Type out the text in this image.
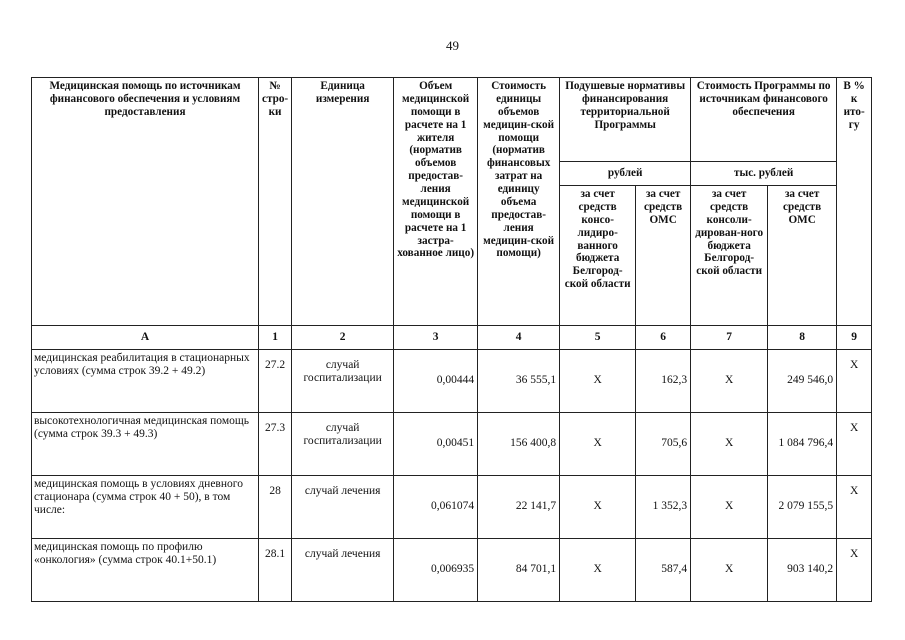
49
Медицинская помощь по источникам финансового обеспечения и условиям предоставления	№ стро-ки	Единица измерения	Объем медицинской помощи в расчете на 1 жителя (норматив объемов предостав-ления медицинской помощи в расчете на 1 застра-хованное лицо)	Стоимость единицы объемов медицин-ской помощи (норматив финансовых затрат на единицу объема предостав-ления медицин-ской помощи)	Подушевые нормативы финансирования территориальной Программы		Стоимость Программы по источникам финансового обеспечения		В % к ито-гу
					рублей		тыс. рублей		
					за счет средств консо-лидиро-ванного бюджета Белгород-ской области	за счет средств ОМС	за счет средств консоли-дирован-ного бюджета Белгород-ской области	за счет средств ОМС	
А	1	2	3	4	5	6	7	8	9
медицинская реабилитация в стационарных условиях (сумма строк 39.2 + 49.2)	27.2	случай госпитализации	0,00444	36 555,1	Х	162,3	Х	249 546,0	Х
высокотехнологичная медицинская помощь (сумма строк 39.3 + 49.3)	27.3	случай госпитализации	0,00451	156 400,8	Х	705,6	Х	1 084 796,4	Х
медицинская помощь в условиях дневного стационара (сумма строк 40 + 50), в том числе:	28	случай лечения	0,061074	22 141,7	Х	1 352,3	Х	2 079 155,5	Х
медицинская помощь по профилю «онкология» (сумма строк 40.1+50.1)	28.1	случай лечения	0,006935	84 701,1	Х	587,4	Х	903 140,2	Х
